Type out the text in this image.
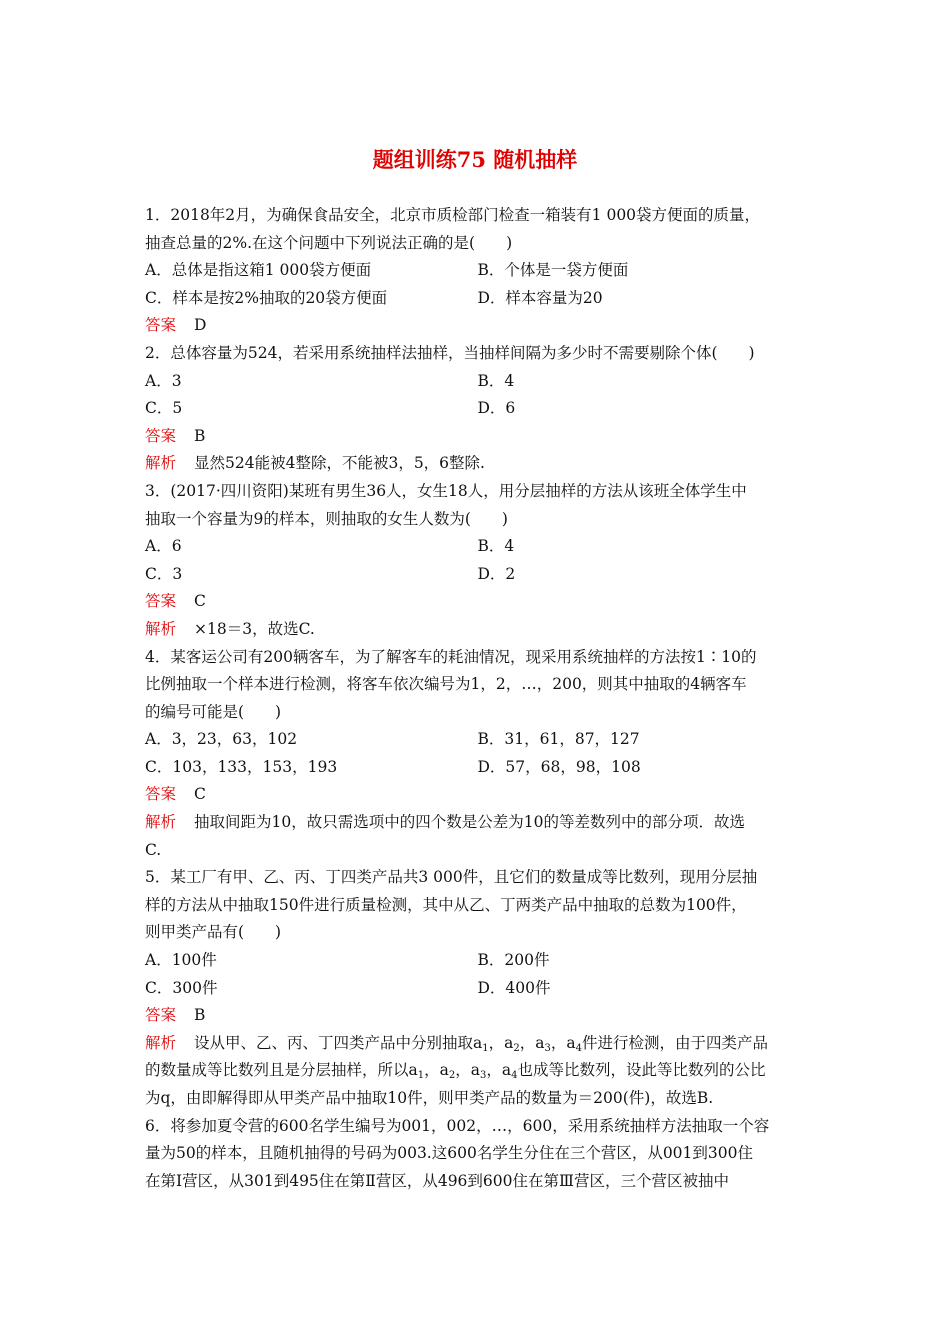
题组训练75 随机抽样
1．2018年2月，为确保食品安全，北京市质检部门检查一箱装有1 000袋方便面的质量，
抽查总量的2%.在这个问题中下列说法正确的是(　　)
A．总体是指这箱1 000袋方便面	B．个体是一袋方便面
C．样本是按2%抽取的20袋方便面	D．样本容量为20
答案 D
2．总体容量为524，若采用系统抽样法抽样，当抽样间隔为多少时不需要剔除个体(　　)
A．3	B．4
C．5	D．6
答案 B
解析 显然524能被4整除，不能被3，5，6整除.
3．(2017·四川资阳)某班有男生36人，女生18人，用分层抽样的方法从该班全体学生中
抽取一个容量为9的样本，则抽取的女生人数为(　　)
A．6	B．4
C．3	D．2
答案 C
解析 ×18＝3，故选C.
4．某客运公司有200辆客车，为了解客车的耗油情况，现采用系统抽样的方法按1∶10的
比例抽取一个样本进行检测，将客车依次编号为1，2，…，200，则其中抽取的4辆客车
的编号可能是(　　)
A．3，23，63，102	B．31，61，87，127
C．103，133，153，193	D．57，68，98，108
答案 C
解析 抽取间距为10，故只需选项中的四个数是公差为10的等差数列中的部分项．故选
C.
5．某工厂有甲、乙、丙、丁四类产品共3 000件，且它们的数量成等比数列，现用分层抽
样的方法从中抽取150件进行质量检测，其中从乙、丁两类产品中抽取的总数为100件，
则甲类产品有(　　)
A．100件	B．200件
C．300件	D．400件
答案 B
解析 设从甲、乙、丙、丁四类产品中分别抽取$a_1$，$a_2$，$a_3$，$a_4$件进行检测，由于四类产品
的数量成等比数列且是分层抽样，所以$a_1$，$a_2$，$a_3$，$a_4$也成等比数列，设此等比数列的公比
为q，由即解得即从甲类产品中抽取10件，则甲类产品的数量为＝200(件)，故选B.
6．将参加夏令营的600名学生编号为001，002，…，600，采用系统抽样方法抽取一个容
量为50的样本，且随机抽得的号码为003.这600名学生分住在三个营区，从001到300住
在第Ⅰ营区，从301到495住在第Ⅱ营区，从496到600住在第Ⅲ营区，三个营区被抽中
